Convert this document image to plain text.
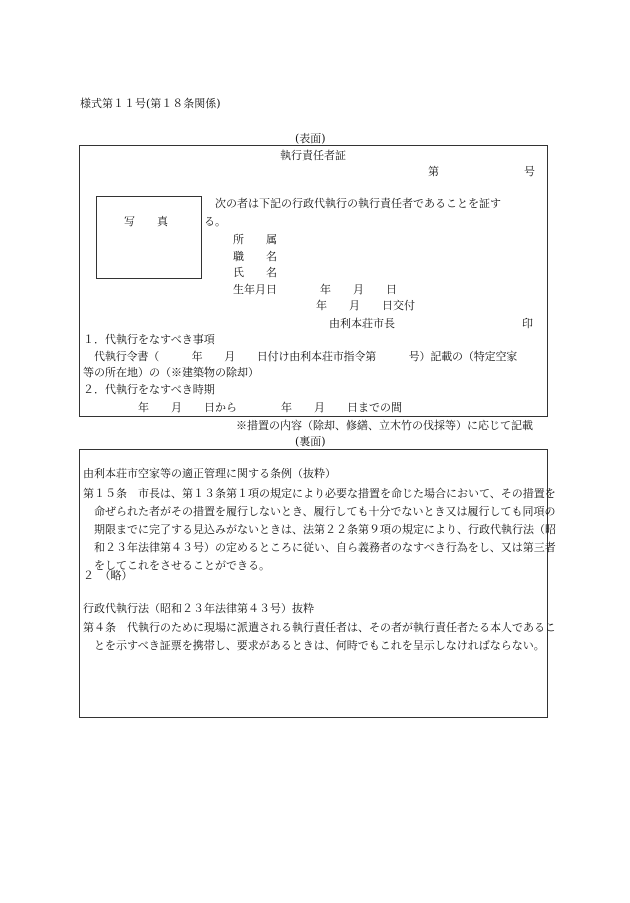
様式第１１号(第１８条関係)
(表面)
執行責任者証
第	号
写　　真
次の者は下記の行政代執行の執行責任者であることを証す
る。
所　　属
職　　名
氏　　名
生年月日 　　　年　　月　　日
年　　月　　日交付
由利本荘市長	印
１．代執行をなすべき事項
代執行令書（　　　年　　月　　日付け由利本荘市指令第　　　号）記載の（特定空家
等の所在地）の（※建築物の除却）
２．代執行をなすべき時期
年　　月　　日から　　　　年　　月　　日までの間
※措置の内容（除却、修繕、立木竹の伐採等）に応じて記載
(裏面)
由利本荘市空家等の適正管理に関する条例（抜粋）
第１５条　市長は、第１３条第１項の規定により必要な措置を命じた場合において、その措置を命ぜられた者がその措置を履行しないとき、履行しても十分でないとき又は履行しても同項の期限までに完了する見込みがないときは、法第２２条第９項の規定により、行政代執行法（昭和２３年法律第４３号）の定めるところに従い、自ら義務者のなすべき行為をし、又は第三者をしてこれをさせることができる。
２　（略）
行政代執行法（昭和２３年法律第４３号）抜粋
第４条　代執行のために現場に派遣される執行責任者は、その者が執行責任者たる本人であることを示すべき証票を携帯し、要求があるときは、何時でもこれを呈示しなければならない。
